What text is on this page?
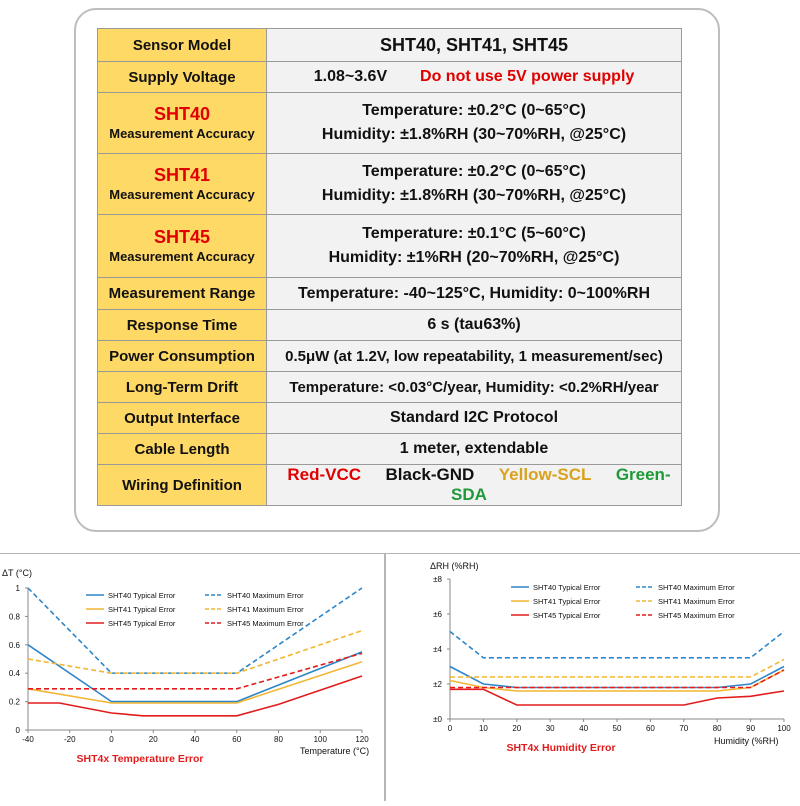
Sensor Model	SHT40, SHT41, SHT45
Supply Voltage	1.08~3.6V Do not use 5V power supply

SHT40
Measurement Accuracy	Temperature: ±0.2°C (0~65°C)
Humidity: ±1.8%RH (30~70%RH, @25°C)

SHT41
Measurement Accuracy	Temperature: ±0.2°C (0~65°C)
Humidity: ±1.8%RH (30~70%RH, @25°C)

SHT45
Measurement Accuracy	Temperature: ±0.1°C (5~60°C)
Humidity: ±1%RH (20~70%RH, @25°C)

Measurement Range	Temperature: -40~125°C, Humidity: 0~100%RH
Response Time	6 s (tau63%)
Power Consumption	0.5μW (at 1.2V, low repeatability, 1 measurement/sec)
Long-Term Drift	Temperature: <0.03°C/year, Humidity: <0.2%RH/year
Output Interface	Standard I2C Protocol
Cable Length	1 meter, extendable
Wiring Definition	Red-VCC Black-GND Yellow-SCL Green-SDA
0
0.2
0.4
0.6
0.8
1
-40	-20	0	20	40	60	80	100	120
SHT40 Typical Error	SHT40 Maximum Error
SHT41 Typical Error	SHT41 Maximum Error
SHT45 Typical Error	SHT45 Maximum Error
ΔT (°C)
Temperature (°C)
SHT4x Temperature Error
±0
±2
±4
±6
±8
0	10	20	30	40	50	60	70	80	90	100
SHT40 Typical Error	SHT40 Maximum Error
SHT41 Typical Error	SHT41 Maximum Error
SHT45 Typical Error	SHT45 Maximum Error
ΔRH (%RH)
Humidity (%RH)
SHT4x Humidity Error
